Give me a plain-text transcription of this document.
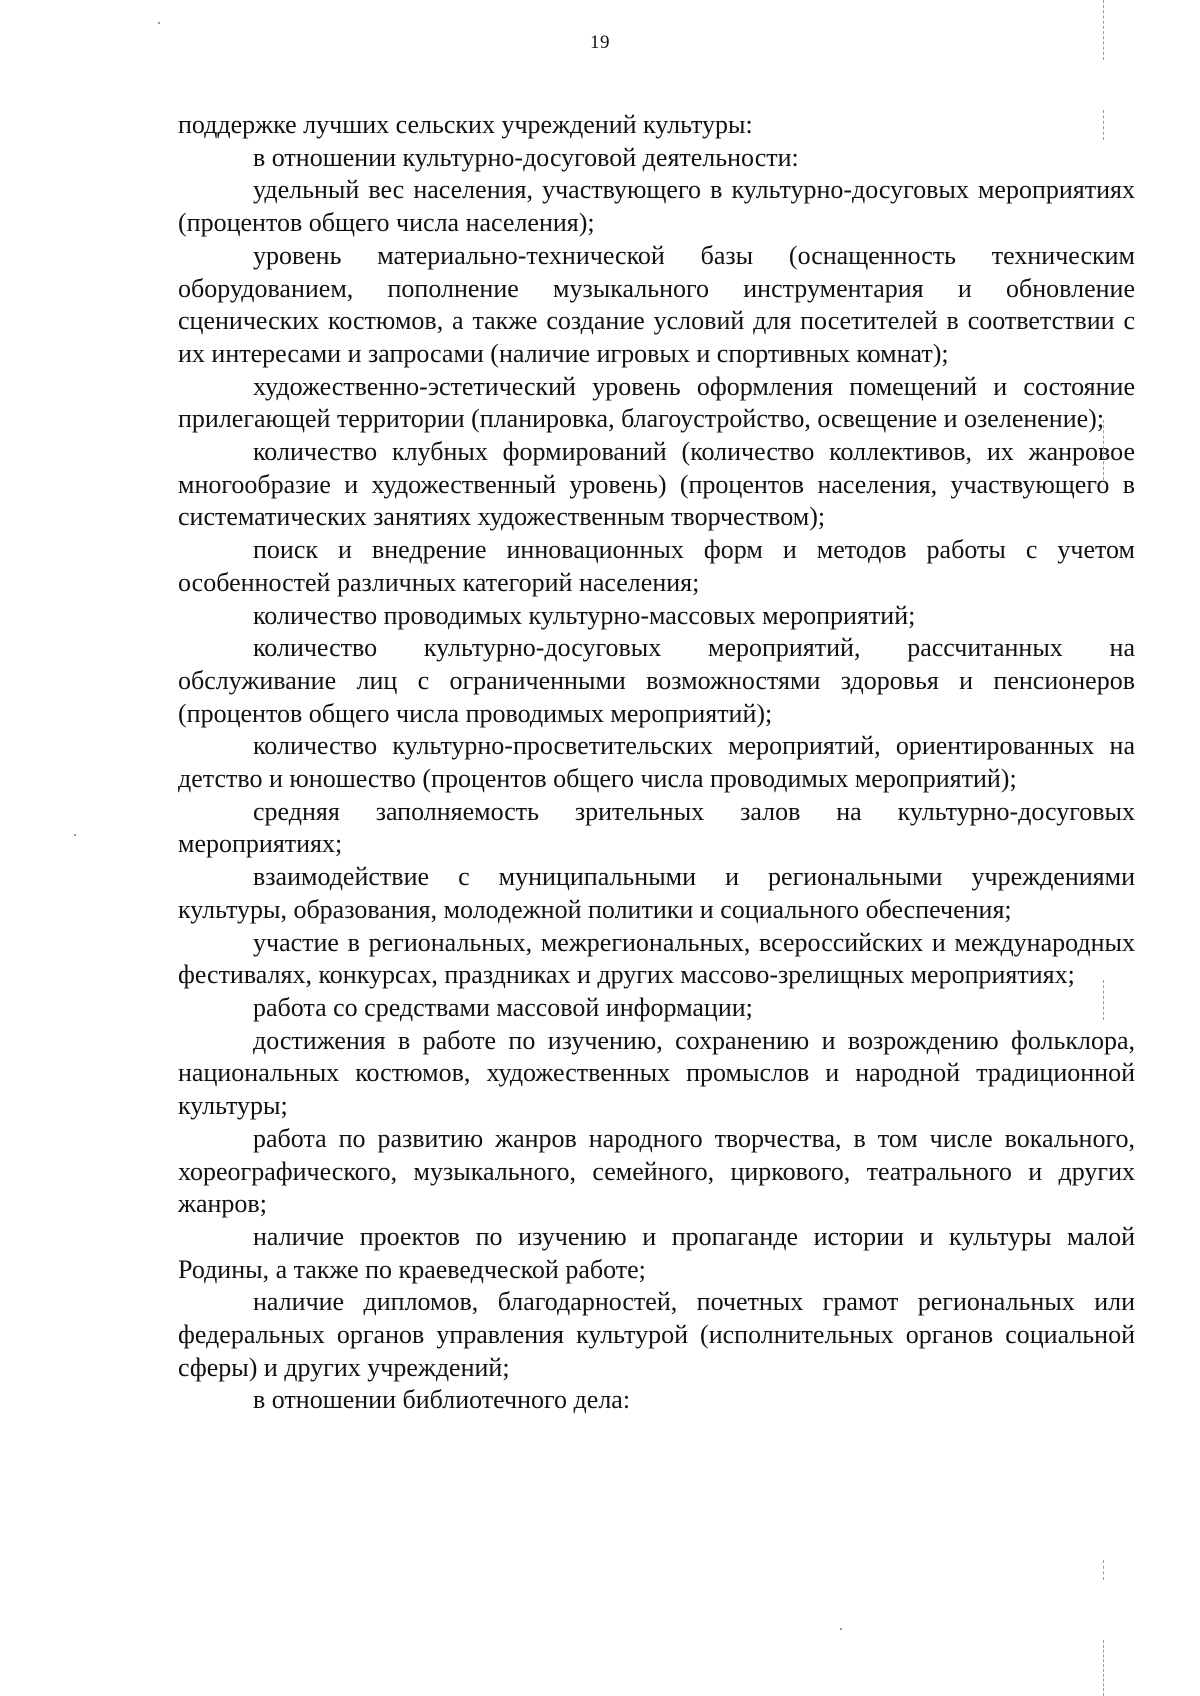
19

поддержке лучших сельских учреждений культуры:

в отношении культурно-досуговой деятельности:

удельный вес населения, участвующего в культурно-досуговых мероприятиях (процентов общего числа населения);

уровень материально-технической базы (оснащенность техническим оборудованием, пополнение музыкального инструментария и обновление сценических костюмов, а также создание условий для посетителей в соответствии с их интересами и запросами (наличие игровых и спортивных комнат);

художественно-эстетический уровень оформления помещений и состояние прилегающей территории (планировка, благоустройство, освещение и озеленение);

количество клубных формирований (количество коллективов, их жанровое многообразие и художественный уровень) (процентов населения, участвующего в систематических занятиях художественным творчеством);

поиск и внедрение инновационных форм и методов работы с учетом особенностей различных категорий населения;

количество проводимых культурно-массовых мероприятий;

количество культурно-досуговых мероприятий, рассчитанных на обслуживание лиц с ограниченными возможностями здоровья и пенсионеров (процентов общего числа проводимых мероприятий);

количество культурно-просветительских мероприятий, ориентированных на детство и юношество (процентов общего числа проводимых мероприятий);

средняя заполняемость зрительных залов на культурно-досуговых мероприятиях;

взаимодействие с муниципальными и региональными учреждениями культуры, образования, молодежной политики и социального обеспечения;

участие в региональных, межрегиональных, всероссийских и международных фестивалях, конкурсах, праздниках и других массово-зрелищных мероприятиях;

работа со средствами массовой информации;

достижения в работе по изучению, сохранению и возрождению фольклора, национальных костюмов, художественных промыслов и народной традиционной культуры;

работа по развитию жанров народного творчества, в том числе вокального, хореографического, музыкального, семейного, циркового, театрального и других жанров;

наличие проектов по изучению и пропаганде истории и культуры малой Родины, а также по краеведческой работе;

наличие дипломов, благодарностей, почетных грамот региональных или федеральных органов управления культурой (исполнительных органов социальной сферы) и других учреждений;

в отношении библиотечного дела:
